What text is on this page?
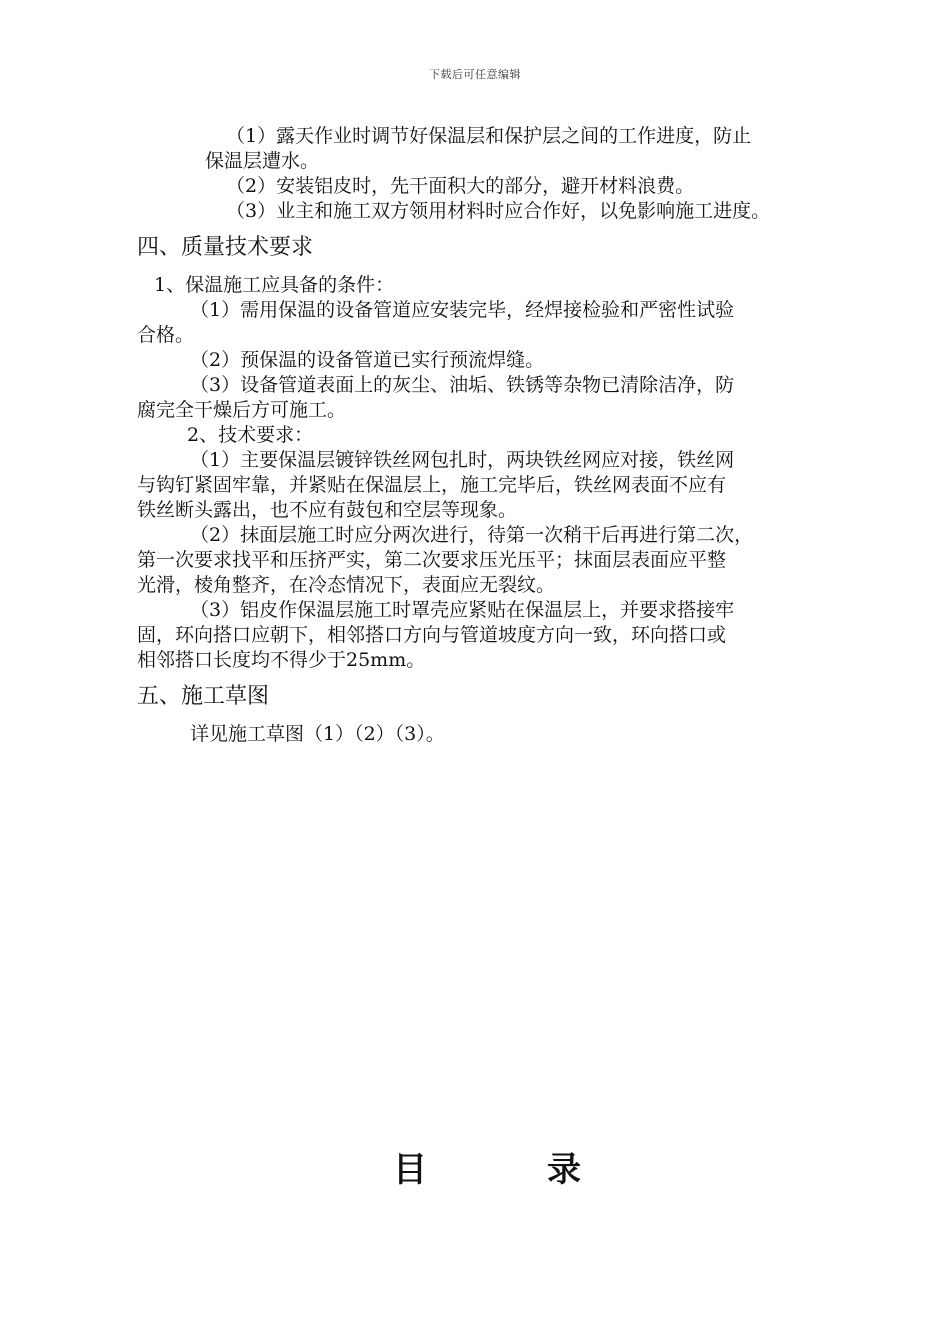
下载后可任意编辑
（1）露天作业时调节好保温层和保护层之间的工作进度，防止
保温层遭水。
（2）安装铝皮时，先干面积大的部分，避开材料浪费。
（3）业主和施工双方领用材料时应合作好，以免影响施工进度。
四、质量技术要求
1、保温施工应具备的条件：
（1）需用保温的设备管道应安装完毕，经焊接检验和严密性试验
合格。
（2）预保温的设备管道已实行预流焊缝。
（3）设备管道表面上的灰尘、油垢、铁锈等杂物已清除洁净，防
腐完全干燥后方可施工。
2、技术要求：
（1）主要保温层镀锌铁丝网包扎时，两块铁丝网应对接，铁丝网
与钩钉紧固牢靠，并紧贴在保温层上，施工完毕后，铁丝网表面不应有
铁丝断头露出，也不应有鼓包和空层等现象。
（2）抹面层施工时应分两次进行，待第一次稍干后再进行第二次，
第一次要求找平和压挤严实，第二次要求压光压平；抹面层表面应平整
光滑，棱角整齐，在冷态情况下，表面应无裂纹。
（3）铝皮作保温层施工时罩壳应紧贴在保温层上，并要求搭接牢
固，环向搭口应朝下，相邻搭口方向与管道坡度方向一致，环向搭口或
相邻搭口长度均不得少于25mm。
五、施工草图
详见施工草图（1）（2）（3）。
目	录
